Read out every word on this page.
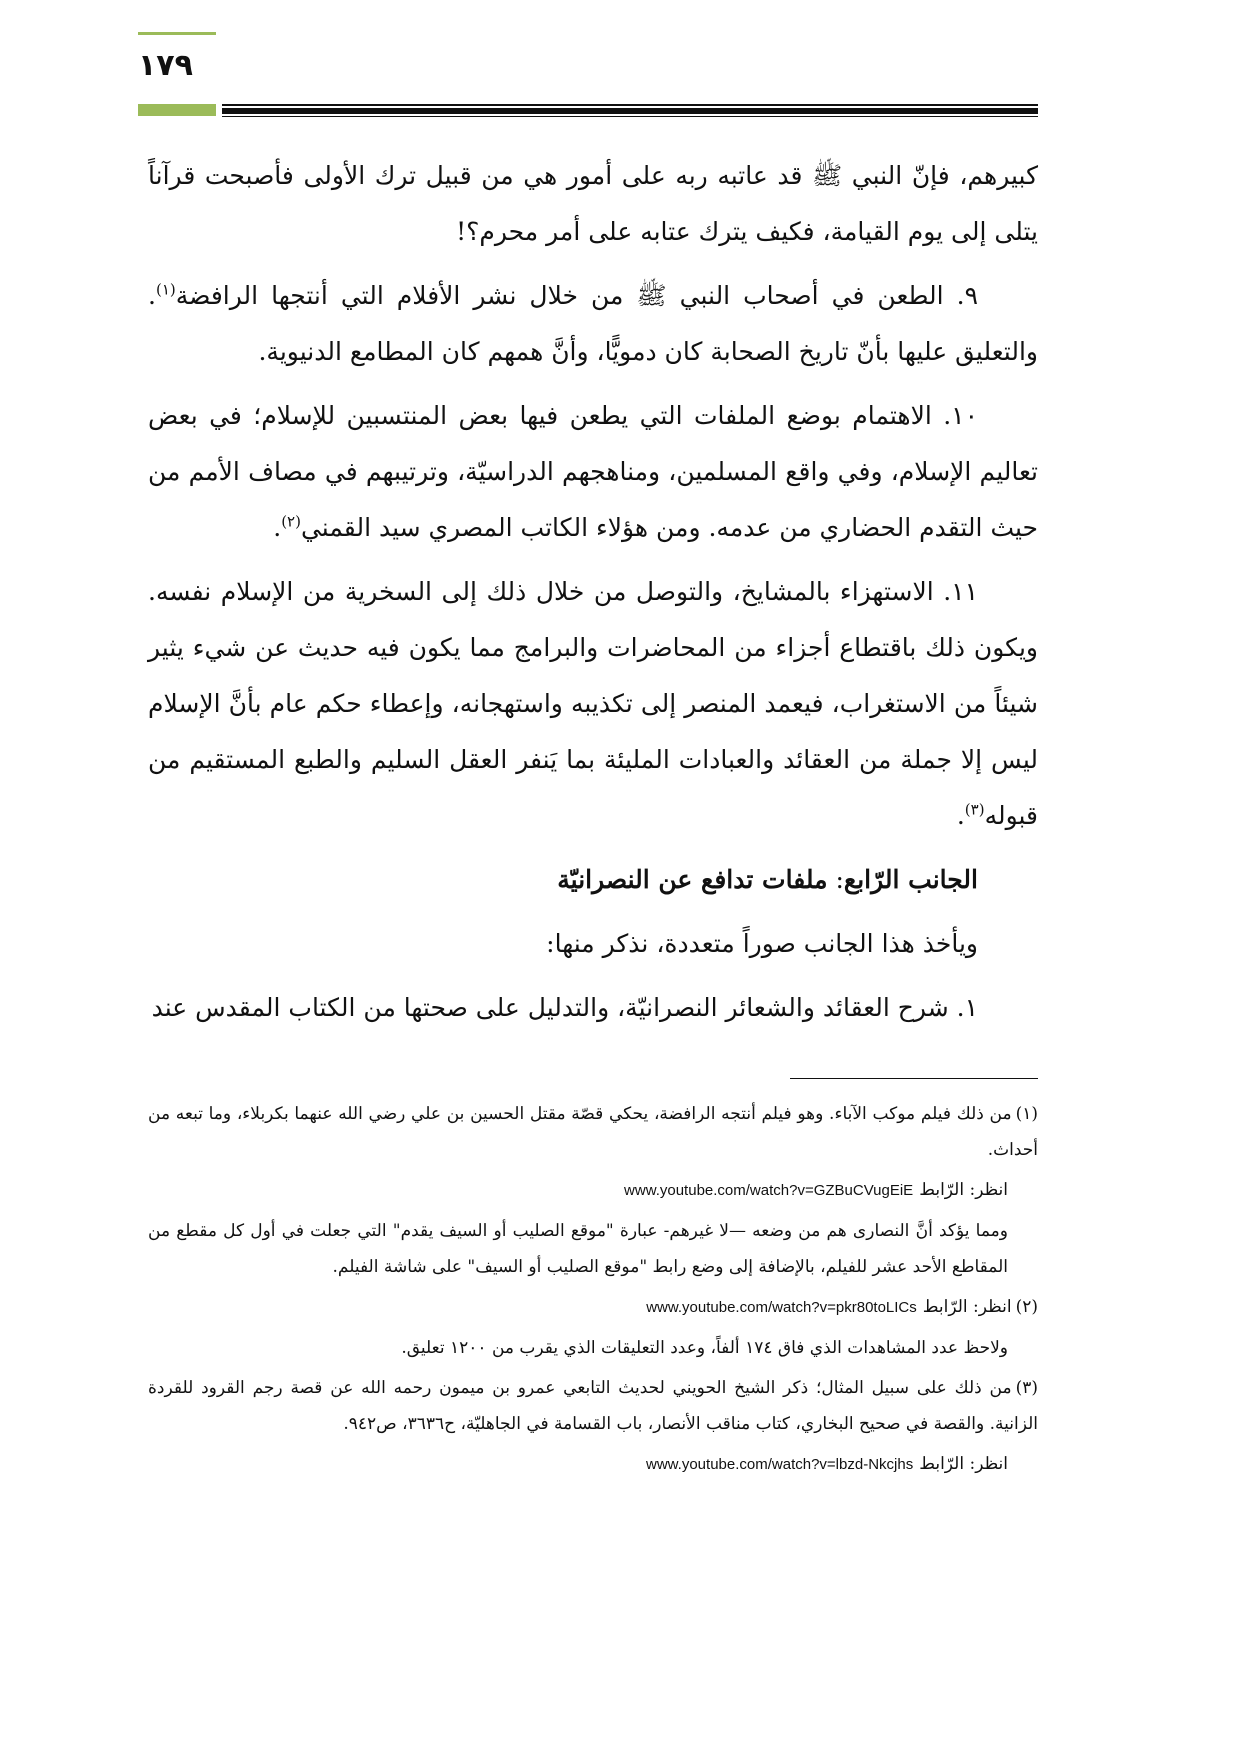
١٧٩

كبيرهم، فإنّ النبي ﷺ قد عاتبه ربه على أمور هي من قبيل ترك الأولى فأصبحت قرآناً يتلى إلى يوم القيامة، فكيف يترك عتابه على أمر محرم؟!

٩. الطعن في أصحاب النبي ﷺ من خلال نشر الأفلام التي أنتجها الرافضة$^{(١)}$. والتعليق عليها بأنّ تاريخ الصحابة كان دمويًّا، وأنَّ همهم كان المطامع الدنيوية.

١٠. الاهتمام بوضع الملفات التي يطعن فيها بعض المنتسبين للإسلام؛ في بعض تعاليم الإسلام، وفي واقع المسلمين، ومناهجهم الدراسيّة، وترتيبهم في مصاف الأمم من حيث التقدم الحضاري من عدمه. ومن هؤلاء الكاتب المصري سيد القمني$^{(٢)}$.

١١. الاستهزاء بالمشايخ، والتوصل من خلال ذلك إلى السخرية من الإسلام نفسه. ويكون ذلك باقتطاع أجزاء من المحاضرات والبرامج مما يكون فيه حديث عن شيء يثير شيئاً من الاستغراب، فيعمد المنصر إلى تكذيبه واستهجانه، وإعطاء حكم عام بأنَّ الإسلام ليس إلا جملة من العقائد والعبادات المليئة بما يَنفر العقل السليم والطبع المستقيم من قبوله$^{(٣)}$.

الجانب الرّابع: ملفات تدافع عن النصرانيّة

ويأخذ هذا الجانب صوراً متعددة، نذكر منها:

١. شرح العقائد والشعائر النصرانيّة، والتدليل على صحتها من الكتاب المقدس عند

(١)من ذلك فيلم موكب الآباء. وهو فيلم أنتجه الرافضة، يحكي قصّة مقتل الحسين بن علي رضي الله عنهما بكربلاء، وما تبعه من أحداث.

انظر: الرّابطwww.youtube.com/watch?v=GZBuCVugEiE

ومما يؤكد أنَّ النصارى هم من وضعه —لا غيرهم- عبارة "موقع الصليب أو السيف يقدم" التي جعلت في أول كل مقطع من المقاطع الأحد عشر للفيلم، بالإضافة إلى وضع رابط "موقع الصليب أو السيف" على شاشة الفيلم.

(٢)انظر: الرّابطwww.youtube.com/watch?v=pkr80toLICs

ولاحظ عدد المشاهدات الذي فاق ١٧٤ ألفاً، وعدد التعليقات الذي يقرب من ١٢٠٠ تعليق.

(٣)من ذلك على سبيل المثال؛ ذكر الشيخ الحويني لحديث التابعي عمرو بن ميمون رحمه الله عن قصة رجم القرود للقردة الزانية. والقصة في صحيح البخاري، كتاب مناقب الأنصار، باب القسامة في الجاهليّة، ح٣٦٣٦، ص٩٤٢.

انظر: الرّابطwww.youtube.com/watch?v=lbzd-Nkcjhs
